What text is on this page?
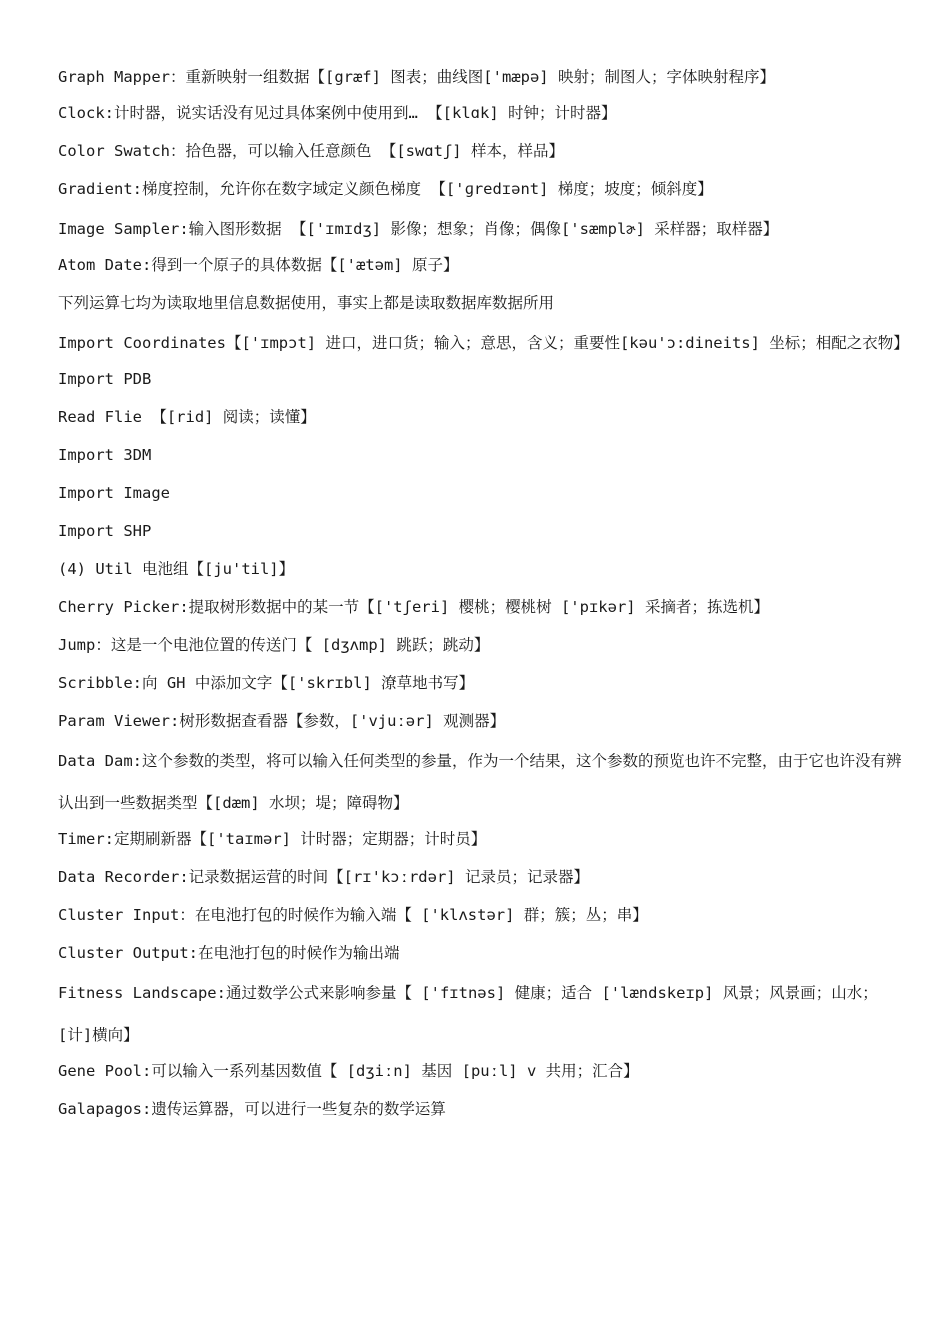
Graph Mapper：重新映射一组数据【[græf] 图表；曲线图['mæpə] 映射；制图人；字体映射程序】

Clock:计时器，说实话没有见过具体案例中使用到… 【[klɑk] 时钟；计时器】

Color Swatch：拾色器，可以输入任意颜色 【[swɑtʃ] 样本，样品】

Gradient:梯度控制，允许你在数字域定义颜色梯度 【['ɡredɪənt] 梯度；坡度；倾斜度】

Image Sampler:输入图形数据 【['ɪmɪdʒ] 影像；想象；肖像；偶像['sæmplɚ] 采样器；取样器】

Atom Date:得到一个原子的具体数据【['ætəm] 原子】

下列运算七均为读取地里信息数据使用，事实上都是读取数据库数据所用

Import Coordinates【['ɪmpɔt] 进口，进口货；输入；意思，含义；重要性[kəu'ɔ:dineits] 坐标；相配之衣物】

Import PDB

Read Flie 【[rid] 阅读；读懂】

Import 3DM

Import Image

Import SHP

(4) Util 电池组【[ju'til]】

Cherry Picker:提取树形数据中的某一节【['tʃeri] 樱桃；樱桃树 ['pɪkər] 采摘者；拣选机】

Jump：这是一个电池位置的传送门【 [dʒʌmp] 跳跃；跳动】

Scribble:向 GH 中添加文字【['skrɪbl] 潦草地书写】

Param Viewer:树形数据查看器【参数，['vjuːər] 观测器】

Data Dam:这个参数的类型，将可以输入任何类型的参量，作为一个结果，这个参数的预览也许不完整，由于它也许没有辨认出到一些数据类型【[dæm] 水坝；堤；障碍物】

Timer:定期刷新器【['taɪmər] 计时器；定期器；计时员】

Data Recorder:记录数据运营的时间【[rɪ'kɔːrdər] 记录员；记录器】

Cluster Input：在电池打包的时候作为输入端【 ['klʌstər] 群；簇；丛；串】

Cluster Output:在电池打包的时候作为输出端

Fitness Landscape:通过数学公式来影响参量【 ['fɪtnəs] 健康；适合 ['lændskeɪp] 风景；风景画；山水；[计]横向】

Gene Pool:可以输入一系列基因数值【 [dʒiːn] 基因 [puːl] v 共用；汇合】

Galapagos:遗传运算器，可以进行一些复杂的数学运算
